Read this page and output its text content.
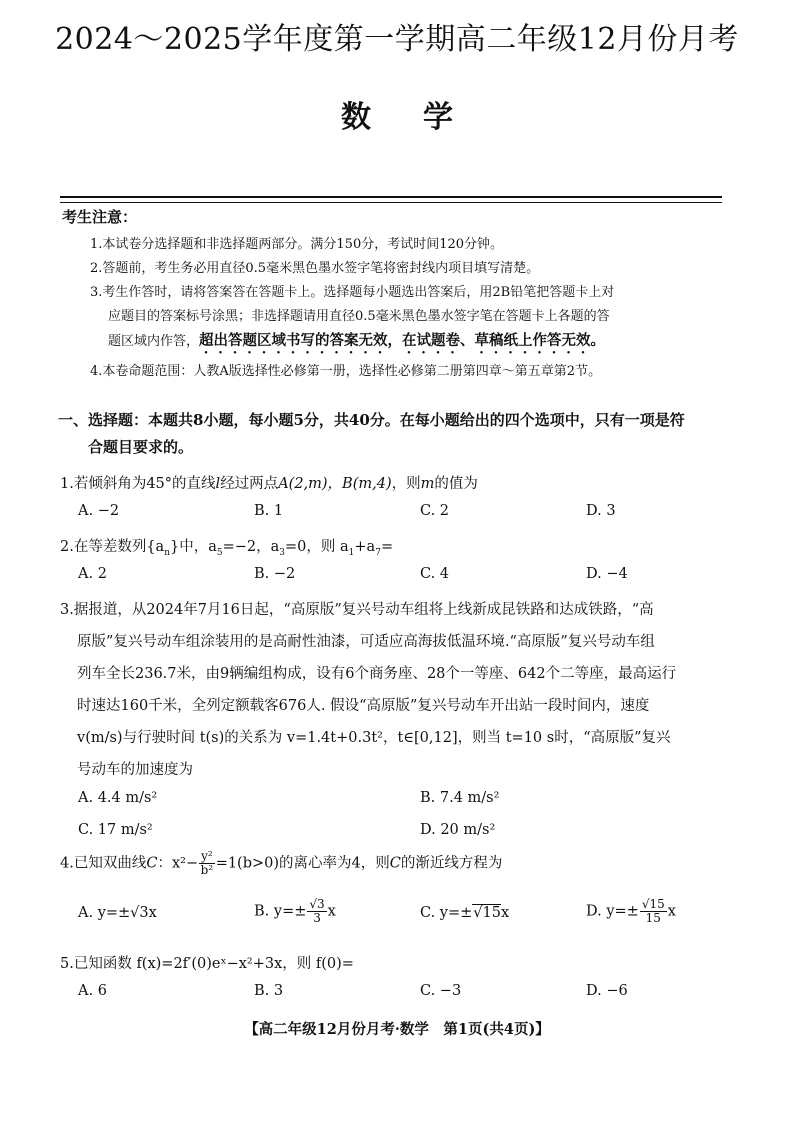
2024～2025学年度第一学期高二年级12月份月考
数学
考生注意：
1.本试卷分选择题和非选择题两部分。满分150分，考试时间120分钟。
2.答题前，考生务必用直径0.5毫米黑色墨水签字笔将密封线内项目填写清楚。
3.考生作答时，请将答案答在答题卡上。选择题每小题选出答案后，用2B铅笔把答题卡上对
应题目的答案标号涂黑；非选择题请用直径0.5毫米黑色墨水签字笔在答题卡上各题的答
题区域内作答，超出答题区域书写的答案无效，在试题卷、草稿纸上作答无效。
4.本卷命题范围：人教A版选择性必修第一册，选择性必修第二册第四章～第五章第2节。
一、选择题：本题共8小题，每小题5分，共40分。在每小题给出的四个选项中，只有一项是符
合题目要求的。
1.若倾斜角为45°的直线l经过两点A(2,m)，B(m,4)，则m的值为
A. −2	B. 1	C. 2	D. 3
2.在等差数列$\{a_n\}$中，$a_5=-2$，$a_3=0$，则 $a_1+a_7=$
A. 2	B. −2	C. 4	D. −4
3.据报道，从2024年7月16日起，“高原版”复兴号动车组将上线新成昆铁路和达成铁路，“高
原版”复兴号动车组涂装用的是高耐性油漆，可适应高海拔低温环境.“高原版”复兴号动车组
列车全长236.7米，由9辆编组构成，设有6个商务座、28个一等座、642个二等座，最高运行
时速达160千米，全列定额载客676人. 假设“高原版”复兴号动车开出站一段时间内，速度
v(m/s)与行驶时间 t(s)的关系为 v=1.4t+0.3t²，t∈[0,12]，则当 t=10 s时，“高原版”复兴
号动车的加速度为
A. 4.4 m/s²	B. 7.4 m/s²
C. 17 m/s²	D. 20 m/s²
4.已知双曲线C：$x^2- \frac{\text{y²}}{\text{b²}} =1(b>0)$的离心率为4，则C的渐近线方程为
A. y=±√3x	B. $y=\pm \frac{√3}{3}$ x	C. y=±√15x	D. $y=\pm \frac{√15}{15}$ x
5.已知函数 f(x)=2f′(0)eˣ−x²+3x，则 f(0)=
A. 6	B. 3	C. −3	D. −6
【高二年级12月份月考·数学　第1页(共4页)】
